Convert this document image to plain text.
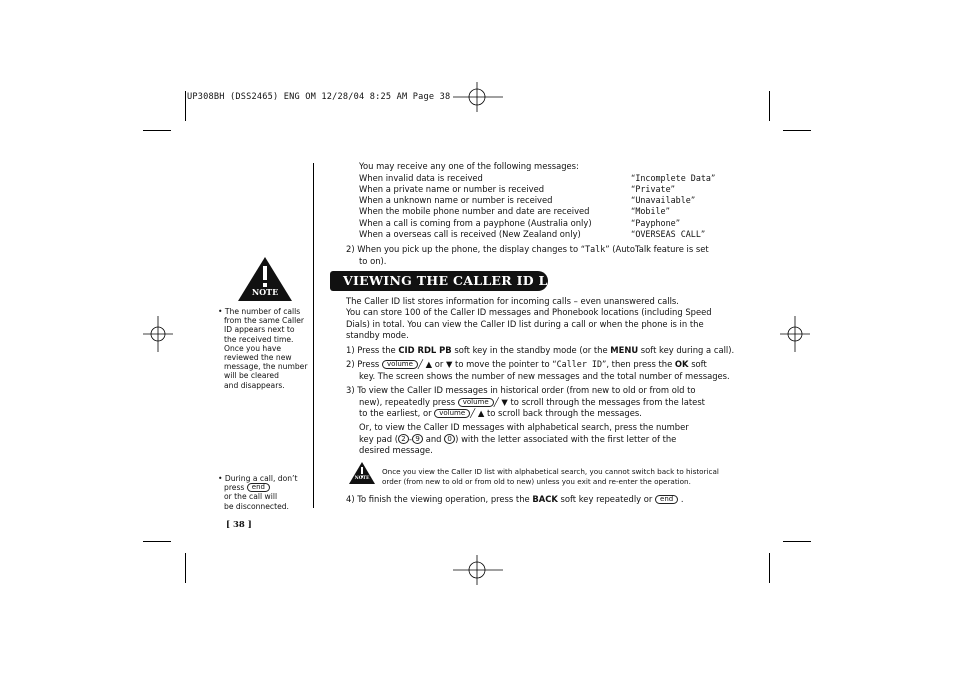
UP308BH (DSS2465) ENG OM 12/28/04 8:25 AM Page 38
NOTE
• The number of calls
from the same Caller
ID appears next to
the received time.
Once you have
reviewed the new
message, the number
will be cleared
and disappears.
• During a call, don’t
press end
or the call will
be disconnected.
[ 38 ]
You may receive any one of the following messages:
When invalid data is received	“Incomplete Data”
When a private name or number is received	“Private”
When a unknown name or number is received	“Unavailable”
When the mobile phone number and date are received	“Mobile”
When a call is coming from a payphone (Australia only)	“Payphone”
When a overseas call is received (New Zealand only)	“OVERSEAS CALL”
2) When you pick up the phone, the display changes to “Talk” (AutoTalk feature is set
to on).
VIEWING THE CALLER ID LIST
The Caller ID list stores information for incoming calls – even unanswered calls.
You can store 100 of the Caller ID messages and Phonebook locations (including Speed
Dials) in total. You can view the Caller ID list during a call or when the phone is in the
standby mode.
1) Press the CID RDL PB soft key in the standby mode (or the MENU soft key during a call).
2) Press volume ╱ ▲ or ▼ to move the pointer to “Caller ID”, then press the OK soft
key. The screen shows the number of new messages and the total number of messages.
3) To view the Caller ID messages in historical order (from new to old or from old to
new), repeatedly press volume ╱ ▼ to scroll through the messages from the latest
to the earliest, or volume ╱ ▲ to scroll back through the messages.
Or, to view the Caller ID messages with alphabetical search, press the number
key pad ( 2 - 9 and 0 ) with the letter associated with the first letter of the
desired message.
NOTE
Once you view the Caller ID list with alphabetical search, you cannot switch back to historical
order (from new to old or from old to new) unless you exit and re-enter the operation.
4) To finish the viewing operation, press the BACK soft key repeatedly or end .
